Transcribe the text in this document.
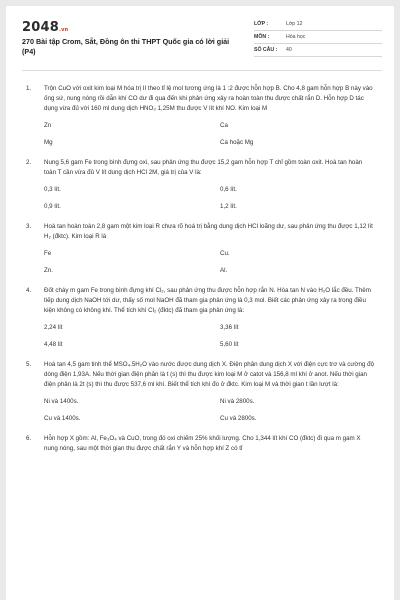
2048.vn
270 Bài tập Crom, Sắt, Đồng ôn thi THPT Quốc gia có lời giải (P4)
LỚP :	Lớp 12
MÔN :	Hóa học
SỐ CÂU :	40
1.	Trộn CuO với oxit kim loại M hóa trị II theo tỉ lệ mol tương ứng là 1 :2 được hỗn hợp B. Cho 4,8 gam hỗn hợp B này vào ống sứ, nung nóng rồi dẫn khí CO dư đi qua đến khi phản ứng xảy ra hoàn toàn thu được chất rắn D. Hỗn hợp D tác dụng vừa đủ với 160 ml dung dịch HNO₃ 1,25M thu được V lít khí NO. Kim loại M
Zn	Ca
Mg	Ca hoặc Mg
2.	Nung 5,6 gam Fe trong bình đựng oxi, sau phản ứng thu được 15,2 gam hỗn hợp T chỉ gồm toàn oxit. Hoà tan hoàn toàn T cần vừa đủ V lít dung dịch HCl 2M, giá trị của V là:
0,3 lít.	0,6 lít.
0,9 lít.	1,2 lít.
3.	Hoà tan hoàn toàn 2,8 gam một kim loại R chưa rõ hoá trị bằng dung dịch HCl loãng dư, sau phản ứng thu được 1,12 lít H₂ (đktc). Kim loại R là
Fe	Cu.
Zn.	Al.
4.	Đốt cháy m gam Fe trong bình đựng khí Cl₂, sau phản ứng thu được hỗn hợp rắn N. Hòa tan N vào H₂O lắc đều. Thêm tiếp dung dịch NaOH tới dư, thấy số mol NaOH đã tham gia phản ứng là 0,3 mol. Biết các phản ứng xảy ra trong điều kiện không có không khí. Thể tích khí Cl₂ (đktc) đã tham gia phản ứng là:
2,24 lít	3,36 lít
4,48 lít	5,60 lít
5.	Hoà tan 4,5 gam tinh thể MSO₄.5H₂O vào nước được dung dịch X. Điện phân dung dịch X với điện cực trơ và cường độ dòng điện 1,93A. Nếu thời gian điện phân là t (s) thì thu được kim loại M ở catot và 156,8 ml khí ở anot. Nếu thời gian điện phân là 2t (s) thì thu được 537,6 ml khí. Biết thể tích khí đo ở đktc. Kim loại M và thời gian t lần lượt là:
Ni và 1400s.	Ni và 2800s.
Cu và 1400s.	Cu và 2800s.
6.	Hỗn hợp X gồm: Al, Fe₃O₄ và CuO, trong đó oxi chiếm 25% khối lượng. Cho 1,344 lít khí CO (đktc) đi qua m gam X nung nóng, sau một thời gian thu được chất rắn Y và hỗn hợp khí Z có tỉ
